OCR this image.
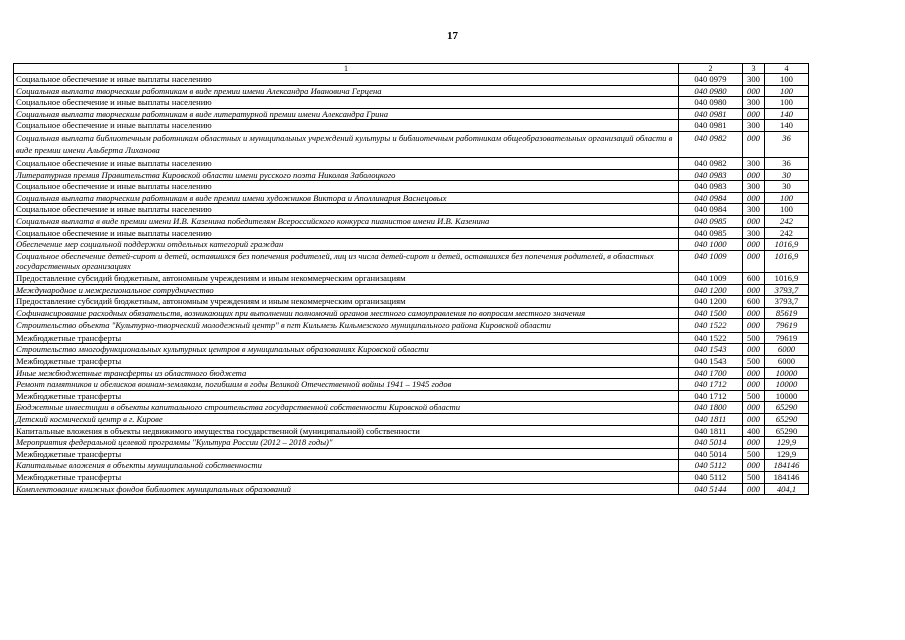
17
1	2	3	4
Социальное обеспечение и иные выплаты населению	040 0979	300	100
Социальная выплата творческим работникам в виде премии имени Александра Ивановича Герцена	040 0980	000	100
Социальное обеспечение и иные выплаты населению	040 0980	300	100
Социальная выплата творческим работникам в виде литературной премии имени Александра Грина	040 0981	000	140
Социальное обеспечение и иные выплаты населению	040 0981	300	140
Социальная выплата библиотечным работникам областных и муниципальных учреждений культуры и библиотечным работникам общеобразовательных организаций области в виде премии имени Альберта Лиханова	040 0982	000	36
Социальное обеспечение и иные выплаты населению	040 0982	300	36
Литературная премия Правительства Кировской области имени русского поэта Николая Заболоцкого	040 0983	000	30
Социальное обеспечение и иные выплаты населению	040 0983	300	30
Социальная выплата творческим работникам в виде премии имени художников Виктора и Аполлинария Васнецовых	040 0984	000	100
Социальное обеспечение и иные выплаты населению	040 0984	300	100
Социальная выплата в виде премии имени И.В. Казенина победителям Всероссийского конкурса пианистов имени И.В. Казенина	040 0985	000	242
Социальное обеспечение и иные выплаты населению	040 0985	300	242
Обеспечение мер социальной поддержки отдельных категорий граждан	040 1000	000	1016,9
Социальное обеспечение детей-сирот и детей, оставшихся без попечения родителей, лиц из числа детей-сирот и детей, оставшихся без попечения родителей, в областных государственных организациях	040 1009	000	1016,9
Предоставление субсидий бюджетным, автономным учреждениям и иным некоммерческим организациям	040 1009	600	1016,9
Международное и межрегиональное сотрудничество	040 1200	000	3793,7
Предоставление субсидий бюджетным, автономным учреждениям и иным некоммерческим организациям	040 1200	600	3793,7
Софинансирование расходных обязательств, возникающих при выполнении полномочий органов местного самоуправления по вопросам местного значения	040 1500	000	85619
Строительство объекта "Культурно-творческий молодежный центр" в пгт Кильмезь Кильмезского муниципального района Кировской области	040 1522	000	79619
Межбюджетные трансферты	040 1522	500	79619
Строительство многофункциональных культурных центров в муниципальных образованиях Кировской области	040 1543	000	6000
Межбюджетные трансферты	040 1543	500	6000
Иные межбюджетные трансферты из областного бюджета	040 1700	000	10000
Ремонт памятников и обелисков воинам-землякам, погибшим в годы Великой Отечественной войны 1941 – 1945 годов	040 1712	000	10000
Межбюджетные трансферты	040 1712	500	10000
Бюджетные инвестиции в объекты капитального строительства государственной собственности Кировской области	040 1800	000	65290
Детский космический центр в г. Кирове	040 1811	000	65290
Капитальные вложения в объекты недвижимого имущества государственной (муниципальной) собственности	040 1811	400	65290
Мероприятия федеральной целевой программы "Культура России (2012 – 2018 годы)"	040 5014	000	129,9
Межбюджетные трансферты	040 5014	500	129,9
Капитальные вложения в объекты муниципальной собственности	040 5112	000	184146
Межбюджетные трансферты	040 5112	500	184146
Комплектование книжных фондов библиотек муниципальных образований	040 5144	000	404,1
